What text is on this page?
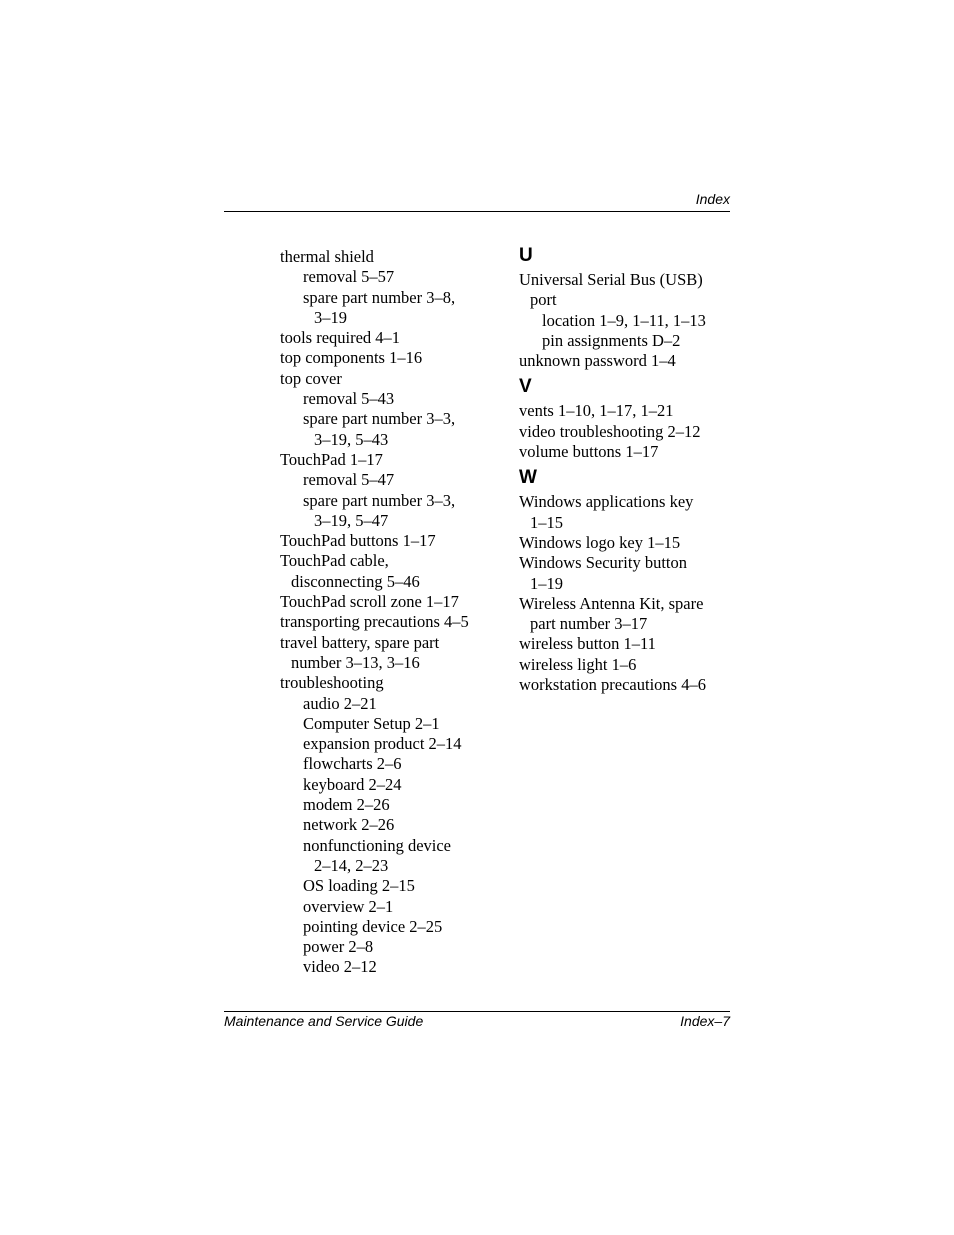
Index
thermal shield
removal 5–57
spare part number 3–8,
3–19
tools required 4–1
top components 1–16
top cover
removal 5–43
spare part number 3–3,
3–19, 5–43
TouchPad 1–17
removal 5–47
spare part number 3–3,
3–19, 5–47
TouchPad buttons 1–17
TouchPad cable,
disconnecting 5–46
TouchPad scroll zone 1–17
transporting precautions 4–5
travel battery, spare part
number 3–13, 3–16
troubleshooting
audio 2–21
Computer Setup 2–1
expansion product 2–14
flowcharts 2–6
keyboard 2–24
modem 2–26
network 2–26
nonfunctioning device
2–14, 2–23
OS loading 2–15
overview 2–1
pointing device 2–25
power 2–8
video 2–12
U
Universal Serial Bus (USB)
port
location 1–9, 1–11, 1–13
pin assignments D–2
unknown password 1–4
V
vents 1–10, 1–17, 1–21
video troubleshooting 2–12
volume buttons 1–17
W
Windows applications key
1–15
Windows logo key 1–15
Windows Security button
1–19
Wireless Antenna Kit, spare
part number 3–17
wireless button 1–11
wireless light 1–6
workstation precautions 4–6
Maintenance and Service Guide	Index–7
